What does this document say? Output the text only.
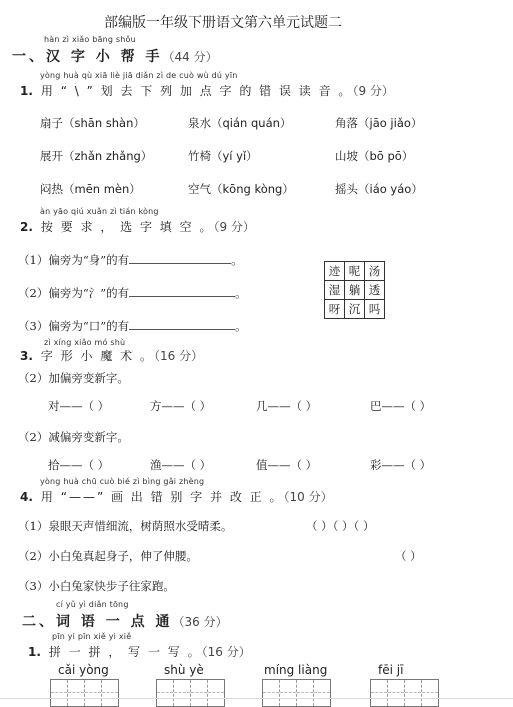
部编版一年级下册语文第六单元试题二
hàn zì xiǎo bāng shǒu
一、汉 字 小 帮 手（44 分）
yòng huà qù xiā liè jiā diǎn zì de cuò wù dú yīn
1. 用 “ \ ” 划 去 下 列 加 点 字 的 错 误 读 音 。（9 分）
扇子（shān shàn）	泉水（qián quán）	角落（jāo jiǎo）
展开（zhǎn zhǎng）	竹椅（yí yǐ）	山坡（bō pō）
闷热（mēn mèn）	空气（kōng kòng）	摇头（iáo yáo）
àn yāo qiú xuǎn zì tián kòng
2. 按 要 求 ， 选 字 填 空 。（9 分）
（1）偏旁为“身”的有	。
（2）偏旁为“氵”的有	。
（3）偏旁为“口”的有	。
迹	呢	汤
湿	躺	透
呀	沉	吗
zì xíng xiǎo mó shù
3. 字 形 小 魔 术 。（16 分）
（2）加偏旁变新字。
对——（ ）	方——（ ）	几——（ ）	巴——（ ）
（2）减偏旁变新字。
拾——（ ）	渔——（ ）	值——（ ）	彩——（ ）
yòng huà chū cuò bié zì bìng gǎi zhèng
4. 用 “——” 画 出 错 别 字 并 改 正 。（10 分）
（1）泉眼天声惜细流，树荫照水受晴柔。	（ ）（ ）（ ）
（2）小白兔真起身子，伸了伸腰。	（ ）
（3）小白兔家快步子往家跑。
cí yǔ yì diǎn tōng
二、词 语 一 点 通（36 分）
pīn yi pīn xiě yi xiě
1. 拼 一 拼 ， 写 一 写 。（16 分）
cǎi yòng	shù yè	míng liàng	fēi jī
